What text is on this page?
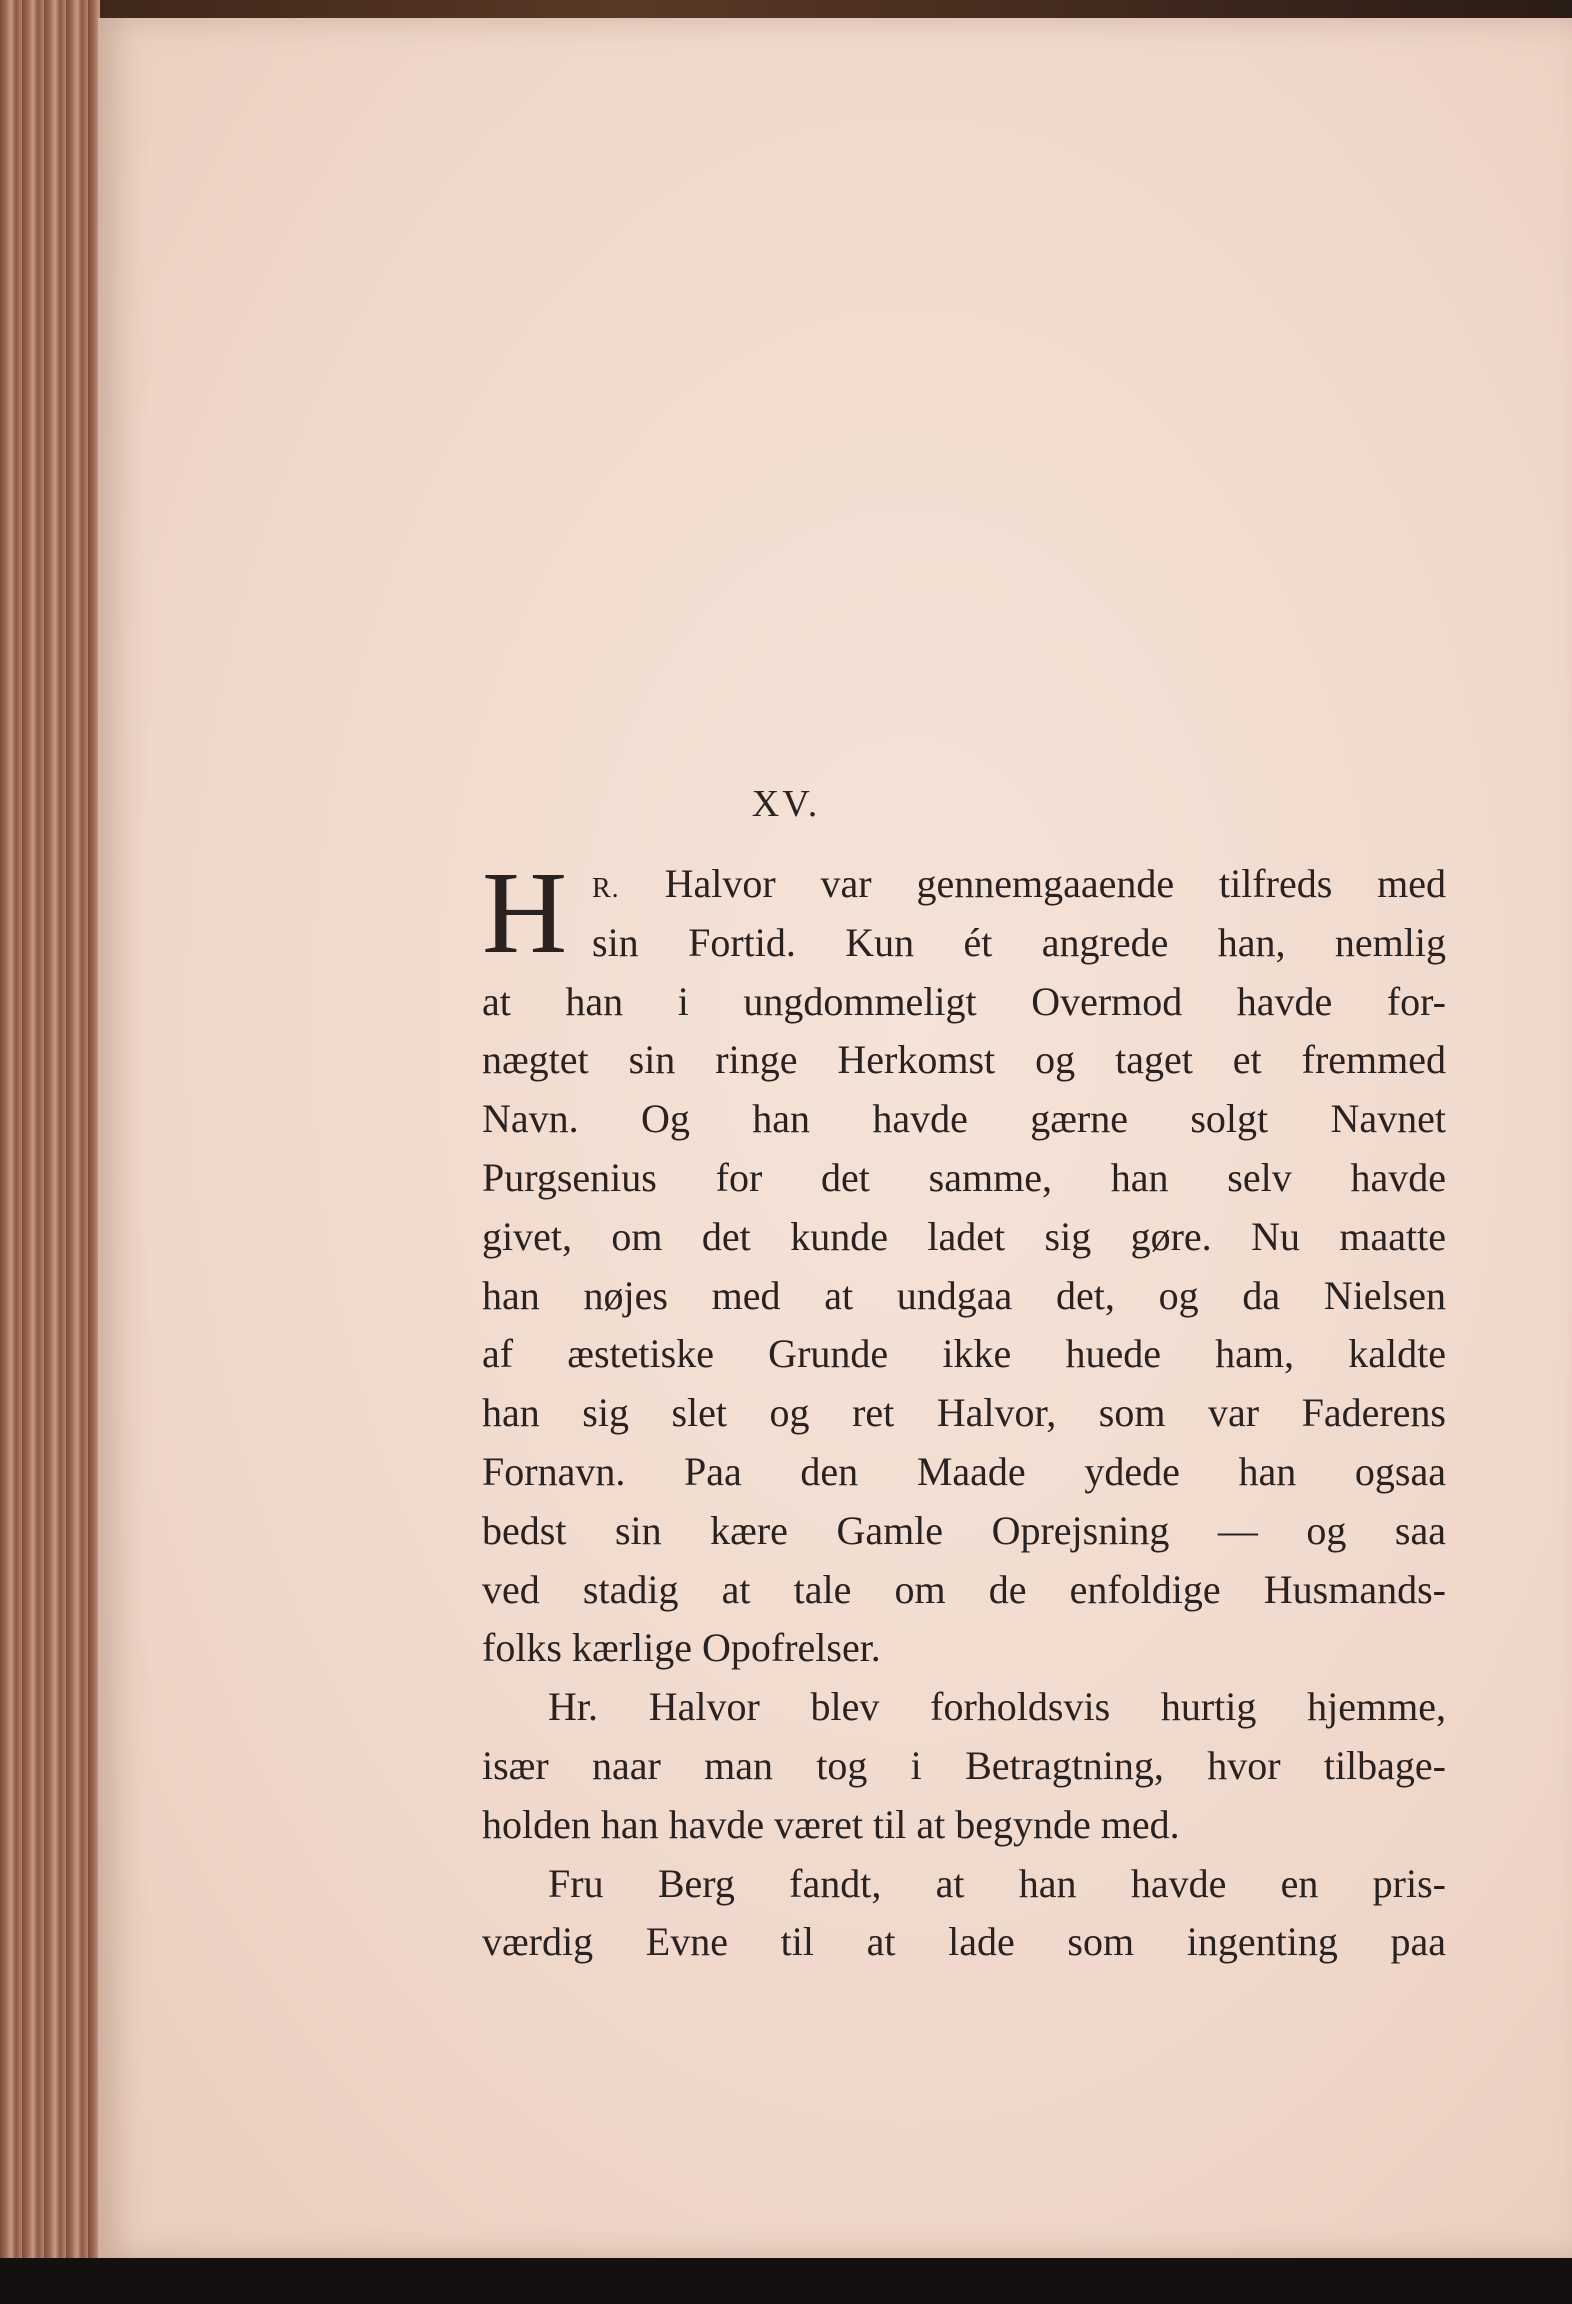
XV.
H R. Halvor var gennemgaaende tilfreds med
sin Fortid. Kun ét angrede han, nemlig
at han i ungdommeligt Overmod havde for-
nægtet sin ringe Herkomst og taget et fremmed
Navn. Og han havde gærne solgt Navnet
Purgsenius for det samme, han selv havde
givet, om det kunde ladet sig gøre. Nu maatte
han nøjes med at undgaa det, og da Nielsen
af æstetiske Grunde ikke huede ham, kaldte
han sig slet og ret Halvor, som var Faderens
Fornavn. Paa den Maade ydede han ogsaa
bedst sin kære Gamle Oprejsning — og saa
ved stadig at tale om de enfoldige Husmands-
folks kærlige Opofrelser.
Hr. Halvor blev forholdsvis hurtig hjemme,
især naar man tog i Betragtning, hvor tilbage-
holden han havde været til at begynde med.
Fru Berg fandt, at han havde en pris-
værdig Evne til at lade som ingenting paa
